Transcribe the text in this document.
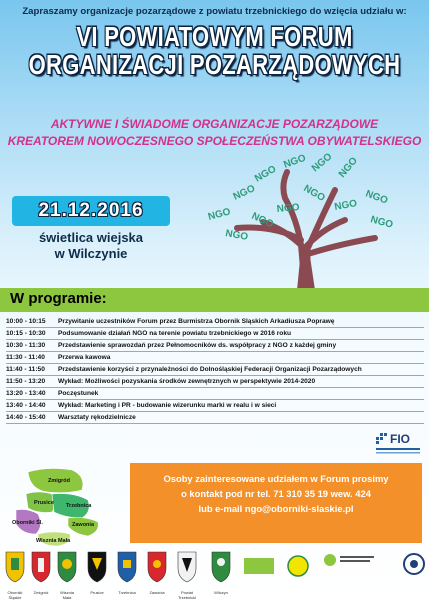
Zapraszamy organizacje pozarządowe z powiatu trzebnickiego do wzięcia udziału w:
VI POWIATOWYM FORUM
ORGANIZACJI POZARZĄDOWYCH
AKTYWNE I ŚWIADOME ORGANIZACJE POZARZĄDOWE
KREATOREM NOWOCZESNEGO SPOŁECZEŃSTWA OBYWATELSKIEGO
21.12.2016
świetlica wiejska
w Wilczynie
NGO
NGO
NGO NGO NGO
NGO
NGO
NGO
NGO
NGO
NGO
NGO
NGO
W programie:
10:00 - 10:15	Przywitanie uczestników Forum przez Burmistrza Obornik Śląskich Arkadiusza Poprawę
10:15 - 10:30	Podsumowanie działań NGO na terenie powiatu trzebnickiego w 2016 roku
10:30 - 11:30	Przedstawienie sprawozdań przez Pełnomocników ds. współpracy z NGO z każdej gminy
11:30 - 11:40	Przerwa kawowa
11:40 - 11:50	Przedstawienie korzyści z przynależności do Dolnośląskiej Federacji Organizacji Pozarządowych
11:50 - 13:20	Wykład: Możliwości pozyskania środków zewnętrznych w perspektywie 2014-2020
13:20 - 13:40	Poczęstunek
13:40 - 14:40	Wykład: Marketing i PR - budowanie wizerunku marki w realu i w sieci
14:40 - 15:40	Warsztaty rękodzielnicze
FIO
Zmigród
Prusice Trzebnica
Oborniki Śl.	Zawonia
Wisznia Mała
Osoby zainteresowane udziałem w Forum prosimy
o kontakt pod nr tel. 71 310 35 19 wew. 424
lub e-mail ngo@oborniki-slaskie.pl
Oborniki Śląskie
Żmigród	Wisznia Mała
Prusice	Trzebnica	Zawonia	Powiat Trzebnicki
Wilczyn
